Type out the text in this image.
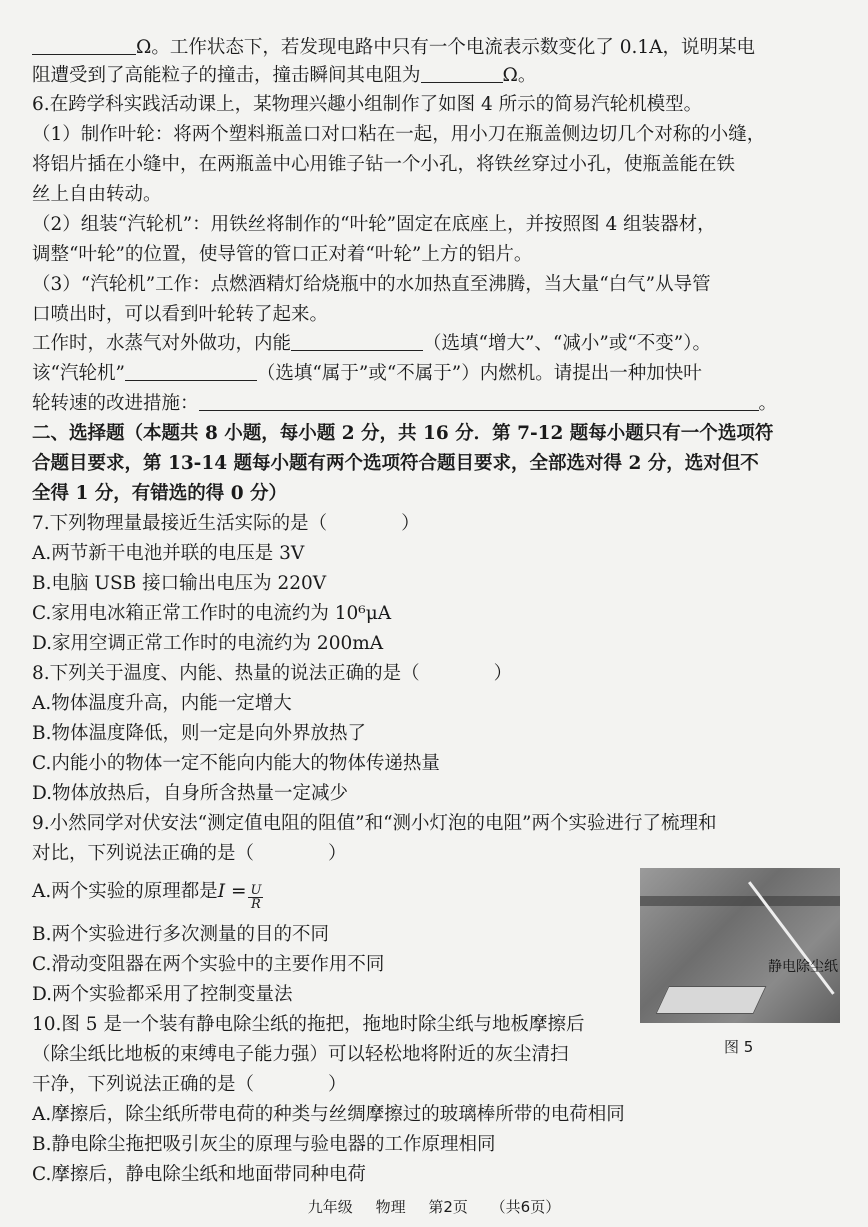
Ω。工作状态下，若发现电路中只有一个电流表示数变化了 0.1A，说明某电
阻遭受到了高能粒子的撞击，撞击瞬间其电阻为	Ω。
6.在跨学科实践活动课上，某物理兴趣小组制作了如图 4 所示的简易汽轮机模型。
（1）制作叶轮：将两个塑料瓶盖口对口粘在一起，用小刀在瓶盖侧边切几个对称的小缝，
将铝片插在小缝中，在两瓶盖中心用锥子钻一个小孔，将铁丝穿过小孔，使瓶盖能在铁
丝上自由转动。
（2）组装“汽轮机”：用铁丝将制作的“叶轮”固定在底座上，并按照图 4 组装器材，
调整“叶轮”的位置，使导管的管口正对着“叶轮”上方的铝片。
（3）“汽轮机”工作：点燃酒精灯给烧瓶中的水加热直至沸腾，当大量“白气”从导管
口喷出时，可以看到叶轮转了起来。
工作时，水蒸气对外做功，内能	（选填“增大”、“减小”或“不变”）。
该“汽轮机”	（选填“属于”或“不属于”）内燃机。请提出一种加快叶
轮转速的改进措施：	。
二、选择题（本题共 8 小题，每小题 2 分，共 16 分．第 7-12 题每小题只有一个选项符
合题目要求，第 13-14 题每小题有两个选项符合题目要求，全部选对得 2 分，选对但不
全得 1 分，有错选的得 0 分）
7.下列物理量最接近生活实际的是（　　　　）
A.两节新干电池并联的电压是 3V
B.电脑 USB 接口输出电压为 220V
C.家用电冰箱正常工作时的电流约为 10⁶μA
D.家用空调正常工作时的电流约为 200mA
8.下列关于温度、内能、热量的说法正确的是（　　　　）
A.物体温度升高，内能一定增大
B.物体温度降低，则一定是向外界放热了
C.内能小的物体一定不能向内能大的物体传递热量
D.物体放热后，自身所含热量一定减少
9.小然同学对伏安法“测定值电阻的阻值”和“测小灯泡的电阻”两个实验进行了梳理和
对比，下列说法正确的是（　　　　）
A.两个实验的原理都是$I = \frac{U}{R}$
B.两个实验进行多次测量的目的不同
C.滑动变阻器在两个实验中的主要作用不同
D.两个实验都采用了控制变量法
10.图 5 是一个装有静电除尘纸的拖把，拖地时除尘纸与地板摩擦后
（除尘纸比地板的束缚电子能力强）可以轻松地将附近的灰尘清扫
干净，下列说法正确的是（　　　　）
A.摩擦后，除尘纸所带电荷的种类与丝绸摩擦过的玻璃棒所带的电荷相同
B.静电除尘拖把吸引灰尘的原理与验电器的工作原理相同
C.摩擦后，静电除尘纸和地面带同种电荷
静电除尘纸
图 5
九年级 物理 第2页 （共6页）
